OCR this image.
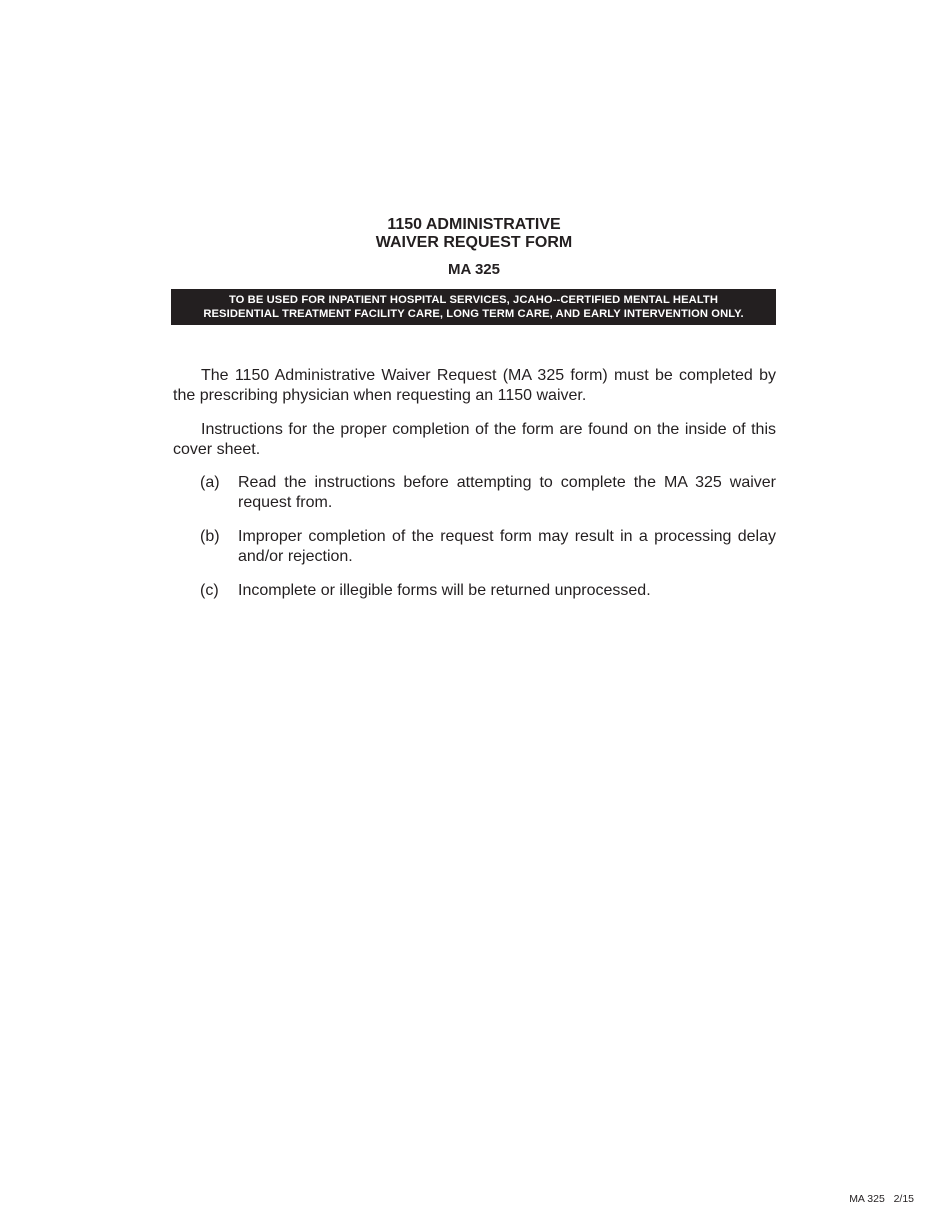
1150 ADMINISTRATIVE
WAIVER REQUEST FORM
MA 325
TO BE USED FOR INPATIENT HOSPITAL SERVICES, JCAHO--CERTIFIED MENTAL HEALTH
RESIDENTIAL TREATMENT FACILITY CARE, LONG TERM CARE, AND EARLY INTERVENTION ONLY.

The 1150 Administrative Waiver Request (MA 325 form) must be completed by the prescribing physician when requesting an 1150 waiver.

Instructions for the proper completion of the form are found on the inside of this cover sheet.

(a)	Read the instructions before attempting to complete the MA 325 waiver request from.
(b)	Improper completion of the request form may result in a processing delay and/or rejection.
(c)	Incomplete or illegible forms will be returned unprocessed.
MA 325 2/15
